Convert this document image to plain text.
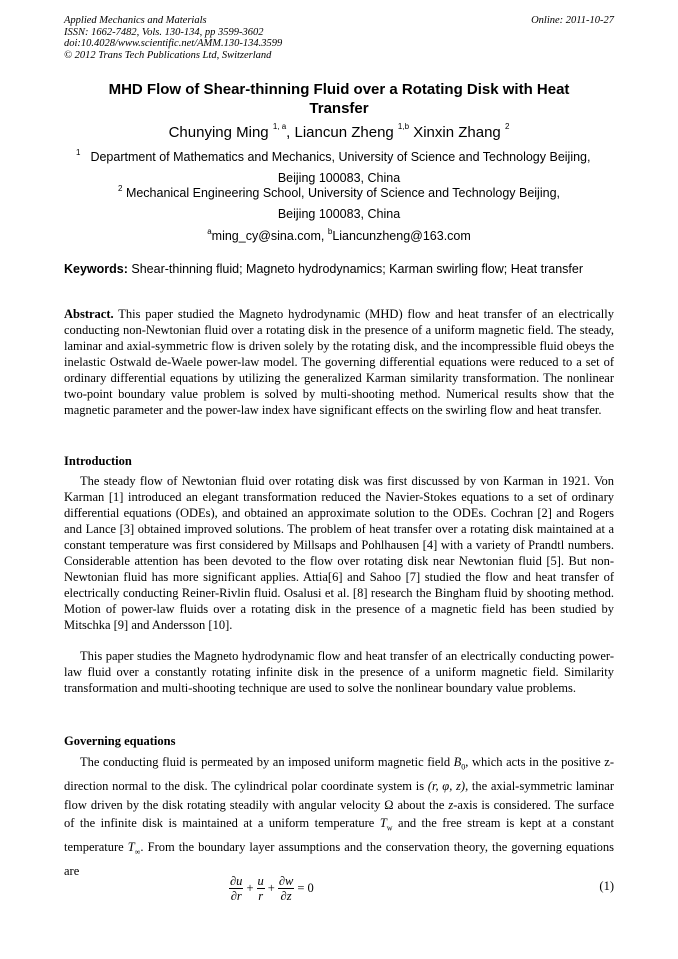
Applied Mechanics and Materials
ISSN: 1662-7482, Vols. 130-134, pp 3599-3602
doi:10.4028/www.scientific.net/AMM.130-134.3599
© 2012 Trans Tech Publications Ltd, Switzerland
Online: 2011-10-27
MHD Flow of Shear-thinning Fluid over a Rotating Disk with Heat
Transfer
Chunying Ming $^{1, a}$, Liancun Zheng $^{1,b}$ Xinxin Zhang $^2$
$^1$ Department of Mathematics and Mechanics, University of Science and Technology Beijing,
Beijing 100083, China
$^2$ Mechanical Engineering School, University of Science and Technology Beijing,
Beijing 100083, China
$^a$ming_cy@sina.com, $^b$Liancunzheng@163.com
Keywords: Shear-thinning fluid; Magneto hydrodynamics; Karman swirling flow; Heat transfer
Abstract. This paper studied the Magneto hydrodynamic (MHD) flow and heat transfer of an electrically conducting non-Newtonian fluid over a rotating disk in the presence of a uniform magnetic field. The steady, laminar and axial-symmetric flow is driven solely by the rotating disk, and the incompressible fluid obeys the inelastic Ostwald de-Waele power-law model. The governing differential equations were reduced to a set of ordinary differential equations by utilizing the generalized Karman similarity transformation. The nonlinear two-point boundary value problem is solved by multi-shooting method. Numerical results show that the magnetic parameter and the power-law index have significant effects on the swirling flow and heat transfer.
Introduction
The steady flow of Newtonian fluid over rotating disk was first discussed by von Karman in 1921. Von Karman [1] introduced an elegant transformation reduced the Navier-Stokes equations to a set of ordinary differential equations (ODEs), and obtained an approximate solution to the ODEs. Cochran [2] and Rogers and Lance [3] obtained improved solutions. The problem of heat transfer over a rotating disk maintained at a constant temperature was first considered by Millsaps and Pohlhausen [4] with a variety of Prandtl numbers. Considerable attention has been devoted to the flow over rotating disk near Newtonian fluid [5]. But non-Newtonian fluid has more significant applies. Attia[6] and Sahoo [7] studied the flow and heat transfer of electrically conducting Reiner-Rivlin fluid. Osalusi et al. [8] research the Bingham fluid by shooting method. Motion of power-law fluids over a rotating disk in the presence of a magnetic field has been studied by Mitschka [9] and Andersson [10].
This paper studies the Magneto hydrodynamic flow and heat transfer of an electrically conducting power-law fluid over a constantly rotating infinite disk in the presence of a uniform magnetic field. Similarity transformation and multi-shooting technique are used to solve the nonlinear boundary value problems.
Governing equations
The conducting fluid is permeated by an imposed uniform magnetic field $B_0$, which acts in the positive z-direction normal to the disk. The cylindrical polar coordinate system is (r, φ, z), the axial-symmetric laminar flow driven by the disk rotating steadily with angular velocity Ω about the z-axis is considered. The surface of the infinite disk is maintained at a uniform temperature $T_w$ and the free stream is kept at a constant temperature $T_\infty$. From the boundary layer assumptions and the conservation theory, the governing equations are
$\frac{\partial u}{\partial r} + \frac{u}{r} + \frac{\partial w}{\partial z} = 0$	(1)
